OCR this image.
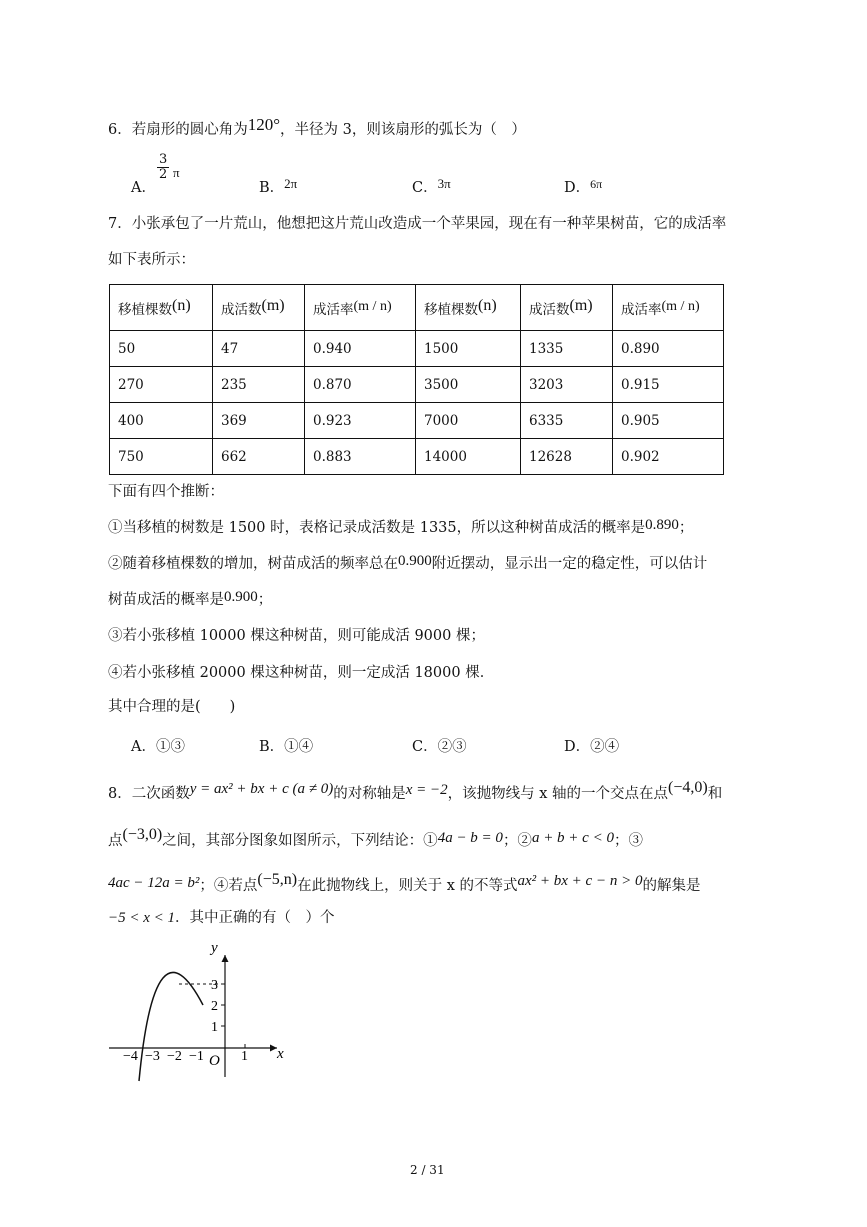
6．若扇形的圆心角为120°，半径为 3，则该扇形的弧长为（　）
A．
$\frac{3}{2}$ π
B．2π	C．3π	D．$^{6\pi}$
7．小张承包了一片荒山，他想把这片荒山改造成一个苹果园，现在有一种苹果树苗，它的成活率
如下表所示：
移植棵数(n)	成活数(m)	成活率(m / n)	移植棵数(n)	成活数(m)	成活率(m / n)
50	47	0.940	1500	1335	0.890
270	235	0.870	3500	3203	0.915
400	369	0.923	7000	6335	0.905
750	662	0.883	14000	12628	0.902
下面有四个推断：
①当移植的树数是 1500 时，表格记录成活数是 1335，所以这种树苗成活的概率是0.890；
②随着移植棵数的增加，树苗成活的频率总在0.900附近摆动，显示出一定的稳定性，可以估计
树苗成活的概率是0.900；
③若小张移植 10000 棵这种树苗，则可能成活 9000 棵；
④若小张移植 20000 棵这种树苗，则一定成活 18000 棵．
其中合理的是(　　)
A．①③	B．①④	C．②③	D．②④
8．二次函数y = ax² + bx + c (a ≠ 0)的对称轴是x = −2，该抛物线与 x 轴的一个交点在点(−4,0)和
点(−3,0)之间，其部分图象如图所示，下列结论：①4a − b = 0；②a + b + c < 0；③
4ac − 12a = b²；④若点(−5,n)在此抛物线上，则关于 x 的不等式ax² + bx + c − n > 0的解集是
−5 < x < 1．其中正确的有（　）个
y
x
O
3
2
1
−4 −3 −2 −1	1
2 / 31
